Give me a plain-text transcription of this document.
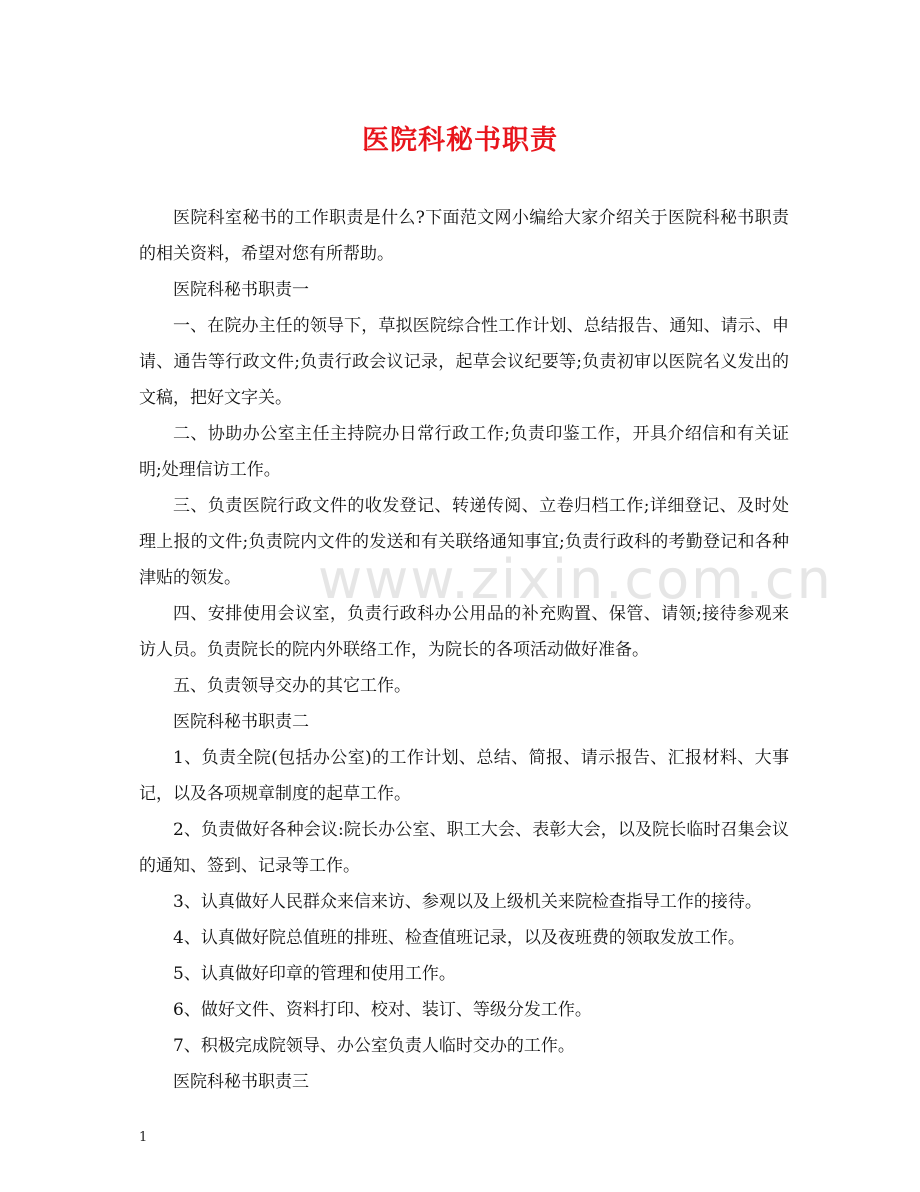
www.zixin.com.cn
医院科秘书职责

医院科室秘书的工作职责是什么?下面范文网小编给大家介绍关于医院科秘书职责的相关资料，希望对您有所帮助。

医院科秘书职责一

一、在院办主任的领导下，草拟医院综合性工作计划、总结报告、通知、请示、申请、通告等行政文件;负责行政会议记录，起草会议纪要等;负责初审以医院名义发出的文稿，把好文字关。

二、协助办公室主任主持院办日常行政工作;负责印鉴工作，开具介绍信和有关证明;处理信访工作。

三、负责医院行政文件的收发登记、转递传阅、立卷归档工作;详细登记、及时处理上报的文件;负责院内文件的发送和有关联络通知事宜;负责行政科的考勤登记和各种津贴的领发。

四、安排使用会议室，负责行政科办公用品的补充购置、保管、请领;接待参观来访人员。负责院长的院内外联络工作，为院长的各项活动做好准备。

五、负责领导交办的其它工作。

医院科秘书职责二

1、负责全院(包括办公室)的工作计划、总结、简报、请示报告、汇报材料、大事记，以及各项规章制度的起草工作。

2、负责做好各种会议:院长办公室、职工大会、表彰大会，以及院长临时召集会议的通知、签到、记录等工作。

3、认真做好人民群众来信来访、参观以及上级机关来院检查指导工作的接待。

4、认真做好院总值班的排班、检查值班记录，以及夜班费的领取发放工作。

5、认真做好印章的管理和使用工作。

6、做好文件、资料打印、校对、装订、等级分发工作。

7、积极完成院领导、办公室负责人临时交办的工作。

医院科秘书职责三

1
